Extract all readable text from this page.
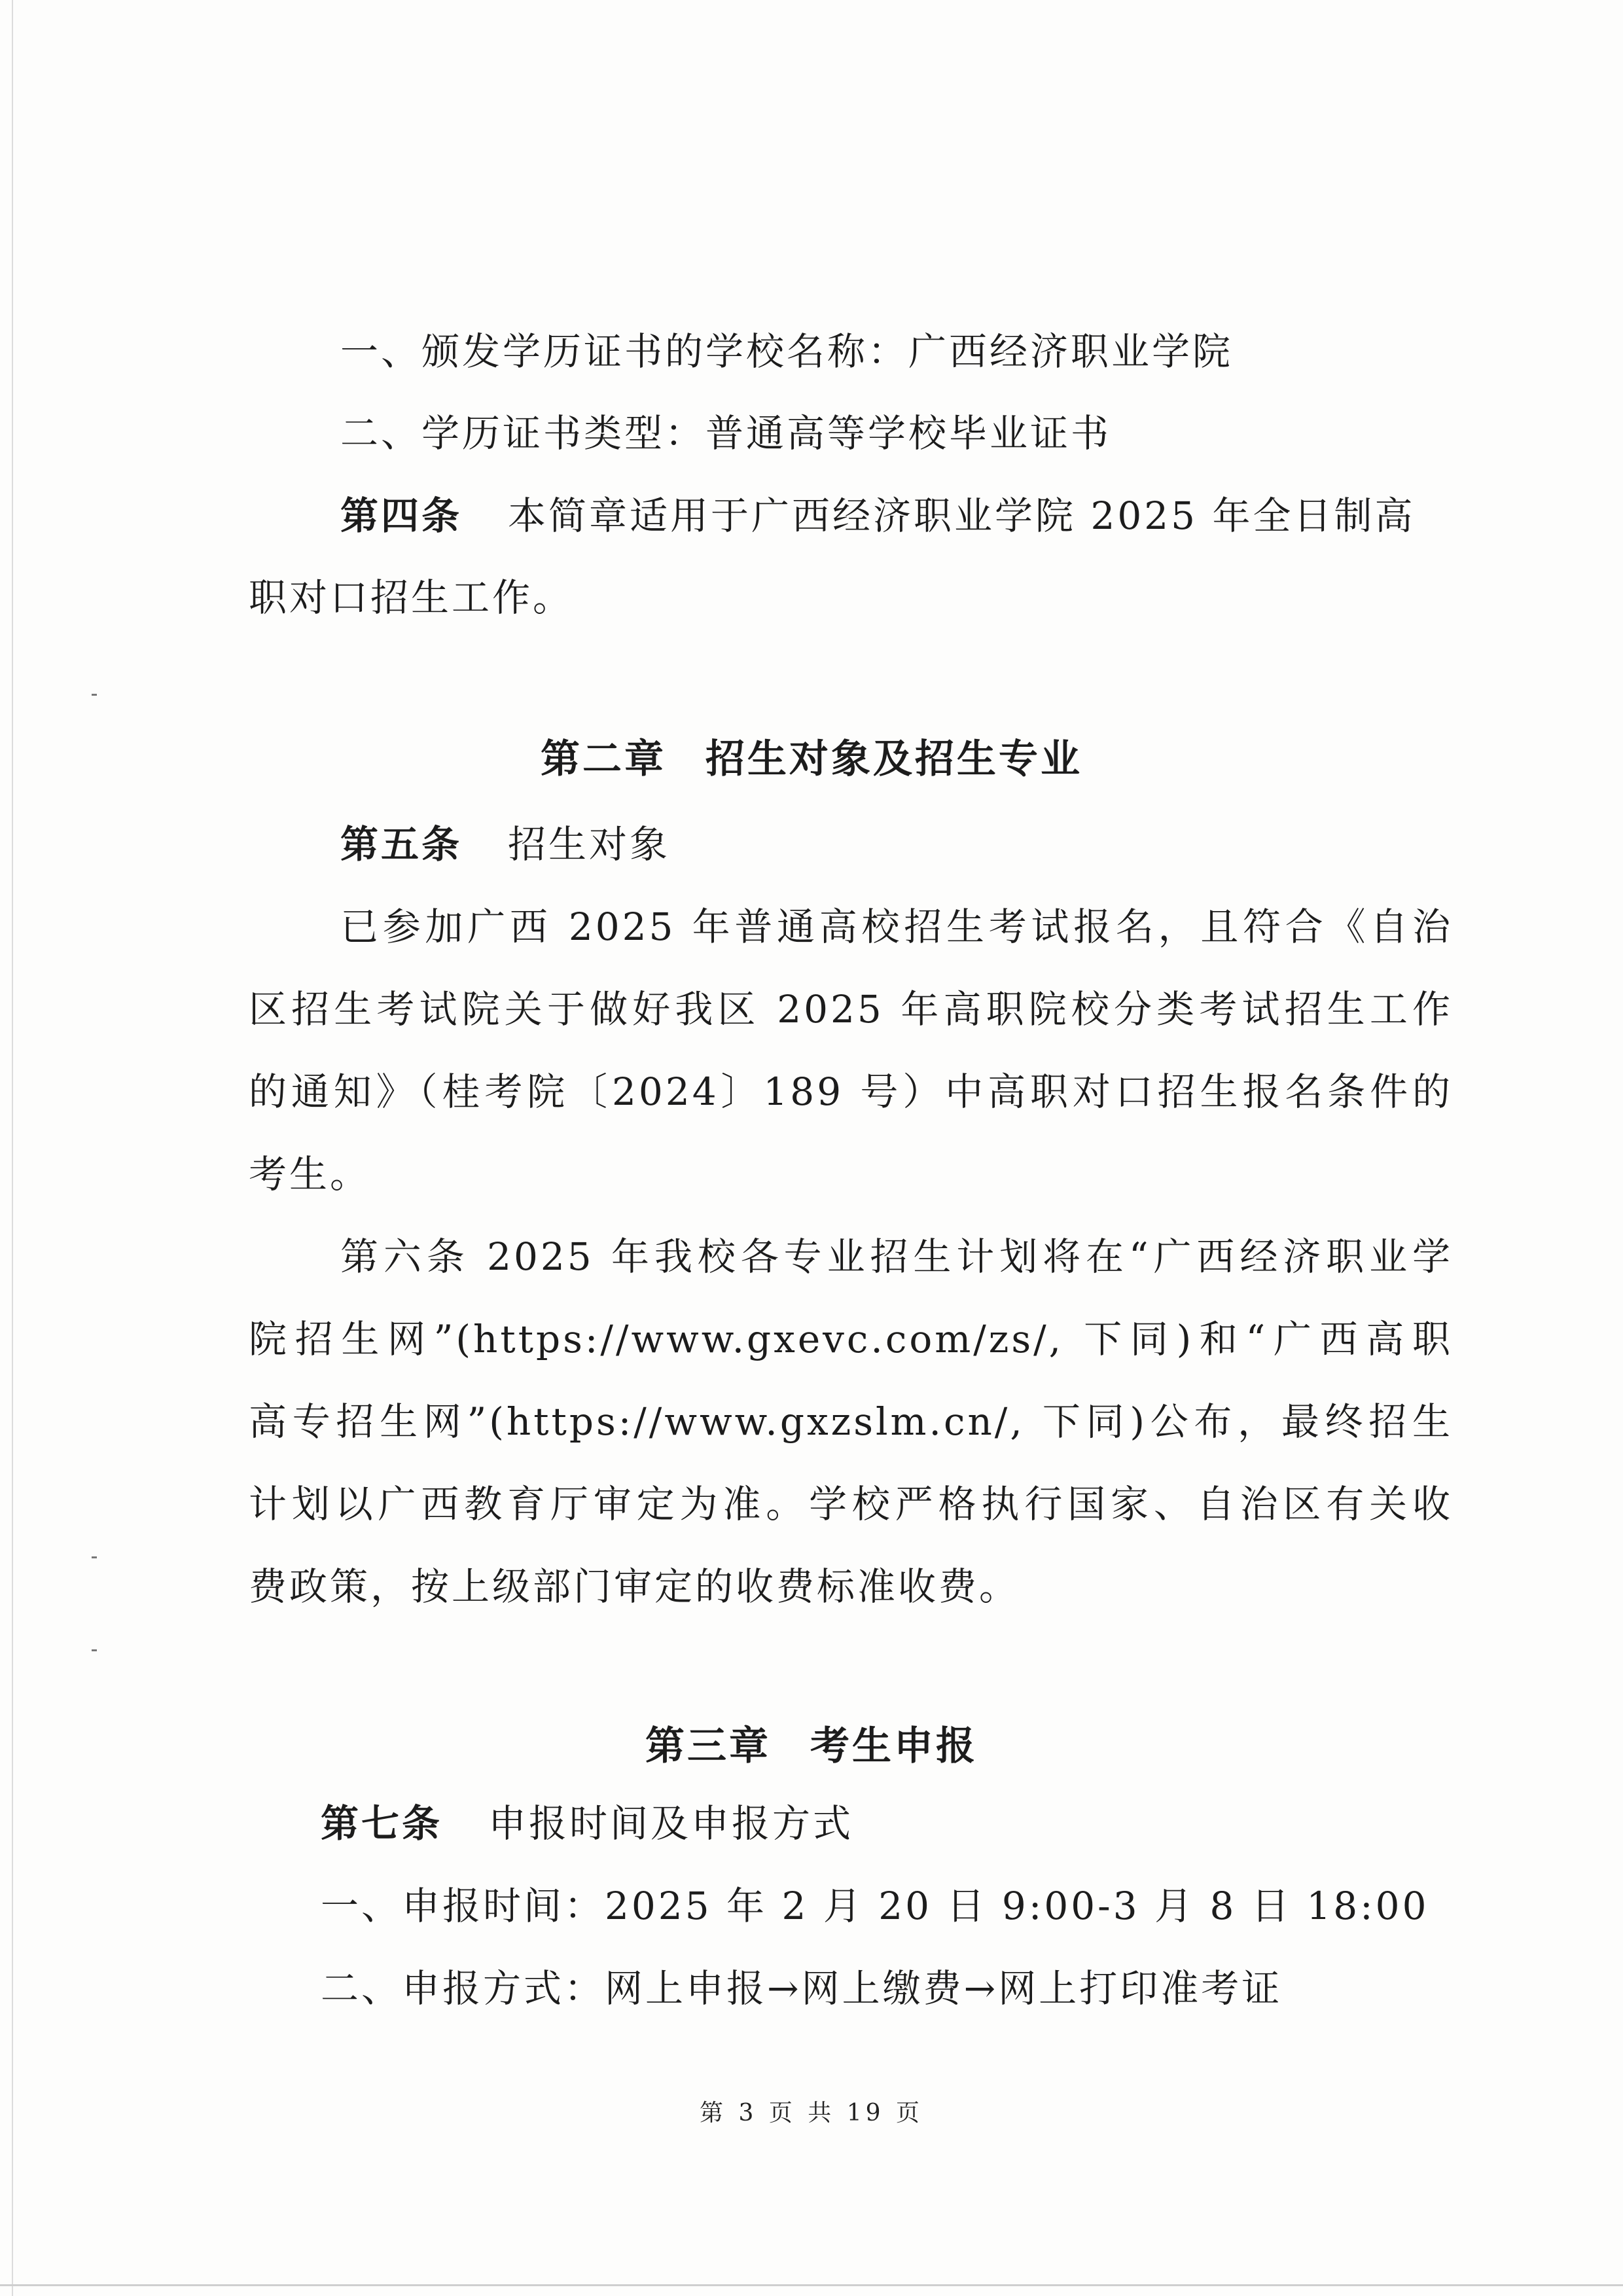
一、颁发学历证书的学校名称：广西经济职业学院
二、学历证书类型：普通高等学校毕业证书
第四条 本简章适用于广西经济职业学院 2025 年全日制高
职对口招生工作。
第二章 招生对象及招生专业
第五条 招生对象
已参加广西 2025 年普通高校招生考试报名，且符合《自治
区招生考试院关于做好我区 2025 年高职院校分类考试招生工作
的通知》（桂考院〔2024〕189 号）中高职对口招生报名条件的
考生。
第六条 2025 年我校各专业招生计划将在“广西经济职业学
院招生网”(https://www.gxevc.com/zs/, 下同)和“广西高职
高专招生网”(https://www.gxzslm.cn/, 下同)公布，最终招生
计划以广西教育厅审定为准。学校严格执行国家、自治区有关收
费政策，按上级部门审定的收费标准收费。
第三章 考生申报
第七条 申报时间及申报方式
一、申报时间：2025 年 2 月 20 日 9:00-3 月 8 日 18:00
二、申报方式：网上申报→网上缴费→网上打印准考证
第 3 页 共 19 页
